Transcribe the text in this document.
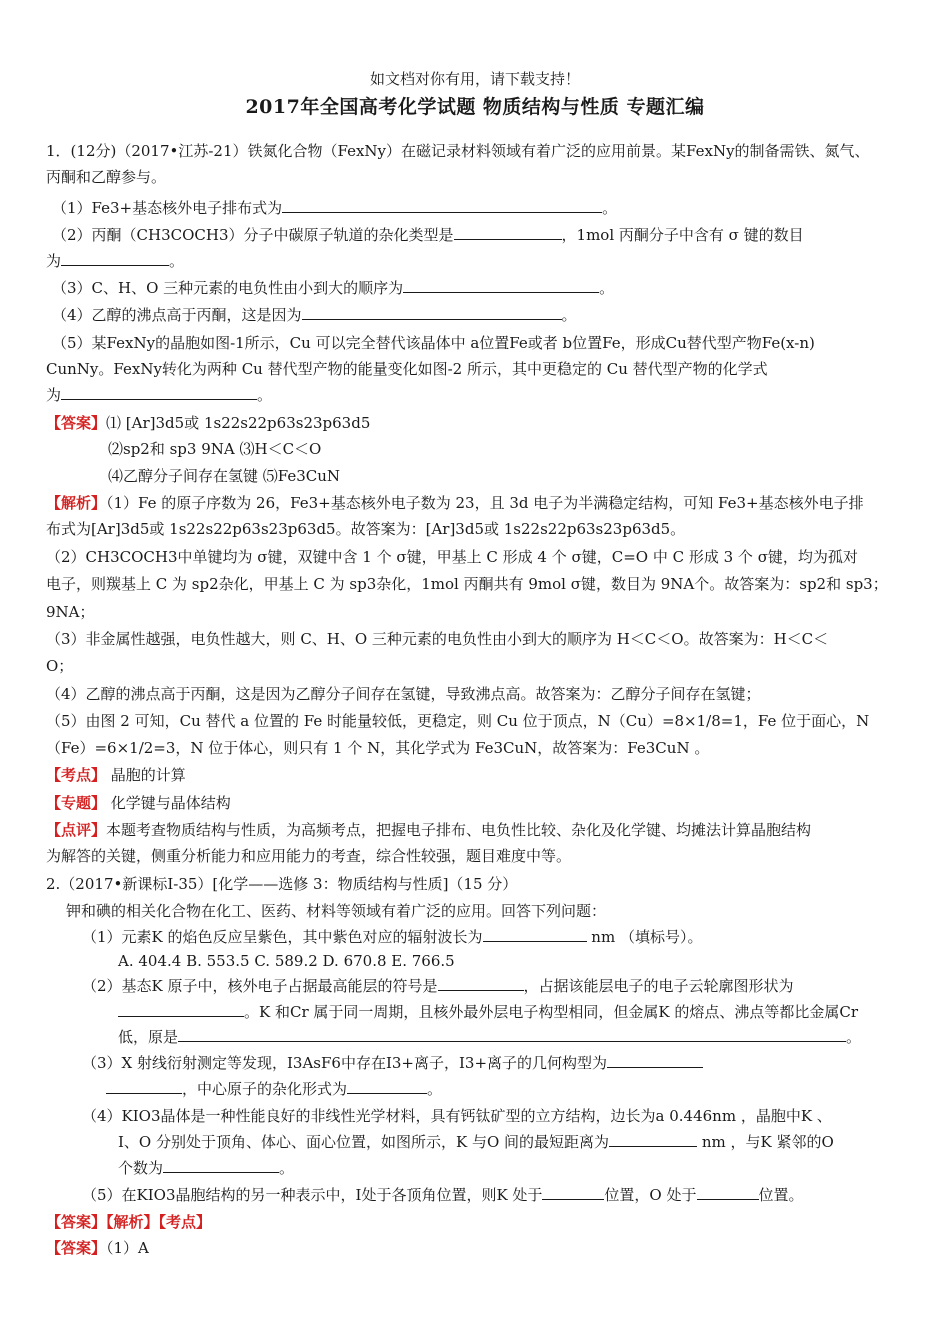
如文档对你有用，请下载支持！
2017年全国高考化学试题 物质结构与性质 专题汇编
1．(12分)（2017•江苏-21）铁氮化合物（FexNy）在磁记录材料领域有着广泛的应用前景。某FexNy的制备需铁、氮气、
丙酮和乙醇参与。
（1）Fe3+基态核外电子排布式为	。
（2）丙酮（CH3COCH3）分子中碳原子轨道的杂化类型是	，1mol 丙酮分子中含有 σ 键的数目
为	。
（3）C、H、O 三种元素的电负性由小到大的顺序为	。
（4）乙醇的沸点高于丙酮，这是因为	。
（5）某FexNy的晶胞如图-1所示，Cu 可以完全替代该晶体中 a位置Fe或者 b位置Fe，形成Cu替代型产物Fe(x-n)
CunNy。FexNy转化为两种 Cu 替代型产物的能量变化如图-2 所示，其中更稳定的 Cu 替代型产物的化学式
为	。
【答案】⑴ [Ar]3d5或 1s22s22p63s23p63d5
⑵sp2和 sp3 9NA ⑶H＜C＜O
⑷乙醇分子间存在氢键 ⑸Fe3CuN
【解析】（1）Fe 的原子序数为 26，Fe3+基态核外电子数为 23，且 3d 电子为半满稳定结构，可知 Fe3+基态核外电子排
布式为[Ar]3d5或 1s22s22p63s23p63d5。故答案为：[Ar]3d5或 1s22s22p63s23p63d5。
（2）CH3COCH3中单键均为 σ键，双键中含 1 个 σ键，甲基上 C 形成 4 个 σ键，C=O 中 C 形成 3 个 σ键，均为孤对
电子，则羰基上 C 为 sp2杂化，甲基上 C 为 sp3杂化，1mol 丙酮共有 9mol σ键，数目为 9NA个。故答案为：sp2和 sp3；
9NA；
（3）非金属性越强，电负性越大，则 C、H、O 三种元素的电负性由小到大的顺序为 H＜C＜O。故答案为：H＜C＜
O；
（4）乙醇的沸点高于丙酮，这是因为乙醇分子间存在氢键，导致沸点高。故答案为：乙醇分子间存在氢键；
（5）由图 2 可知，Cu 替代 a 位置的 Fe 时能量较低，更稳定，则 Cu 位于顶点，N（Cu）=8×1/8=1，Fe 位于面心，N
（Fe）=6×1/2=3，N 位于体心，则只有 1 个 N，其化学式为 Fe3CuN，故答案为：Fe3CuN 。
【考点】 晶胞的计算
【专题】 化学键与晶体结构
【点评】本题考查物质结构与性质，为高频考点，把握电子排布、电负性比较、杂化及化学键、均摊法计算晶胞结构
为解答的关键，侧重分析能力和应用能力的考查，综合性较强，题目难度中等。
2.（2017•新课标Ⅰ-35）[化学——选修 3：物质结构与性质]（15 分）
钾和碘的相关化合物在化工、医药、材料等领域有着广泛的应用。回答下列问题：
（1）元素K 的焰色反应呈紫色，其中紫色对应的辐射波长为	nm （填标号）。
A. 404.4 B. 553.5 C. 589.2 D. 670.8 E. 766.5
（2）基态K 原子中，核外电子占据最高能层的符号是	，占据该能层电子的电子云轮廓图形状为
。K 和Cr 属于同一周期，且核外最外层电子构型相同，但金属K 的熔点、沸点等都比金属Cr
低，原是	。
（3）X 射线衍射测定等发现，I3AsF6中存在I3+离子，I3+离子的几何构型为
，中心原子的杂化形式为	。
（4）KIO3晶体是一种性能良好的非线性光学材料，具有钙钛矿型的立方结构，边长为a 0.446nm ，晶胞中K 、
I、O 分别处于顶角、体心、面心位置，如图所示，K 与O 间的最短距离为	nm ，与K 紧邻的O
个数为	。
（5）在KIO3晶胞结构的另一种表示中，I处于各顶角位置，则K 处于	位置，O 处于	位置。
【答案】【解析】【考点】
【答案】（1）A
